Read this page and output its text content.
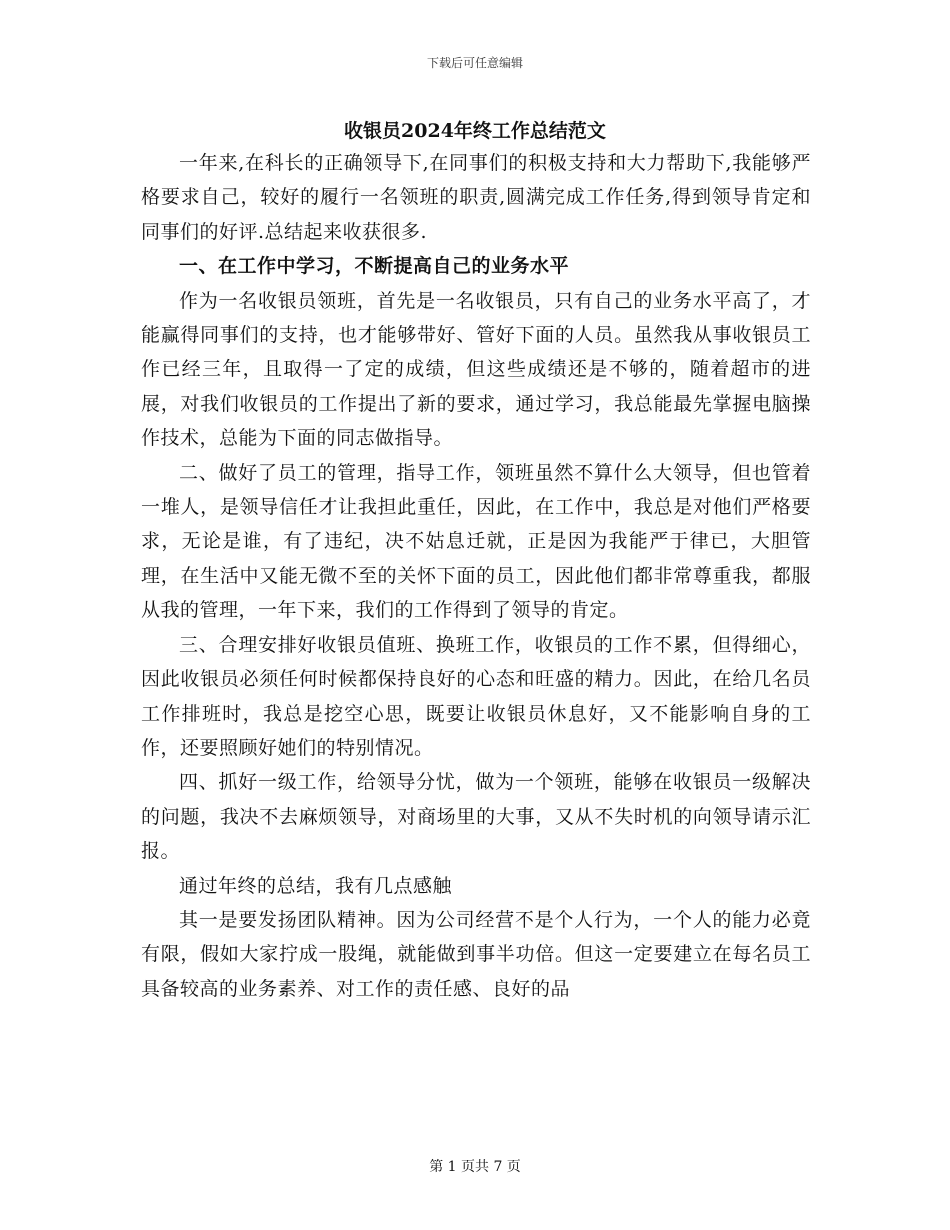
下载后可任意编辑
收银员2024年终工作总结范文

一年来,在科长的正确领导下,在同事们的积极支持和大力帮助下,我能够严格要求自己，较好的履行一名领班的职责,圆满完成工作任务,得到领导肯定和同事们的好评.总结起来收获很多.

一、在工作中学习，不断提高自己的业务水平

作为一名收银员领班，首先是一名收银员，只有自己的业务水平高了，才能赢得同事们的支持，也才能够带好、管好下面的人员。虽然我从事收银员工作已经三年，且取得一了定的成绩，但这些成绩还是不够的，随着超市的进展，对我们收银员的工作提出了新的要求，通过学习，我总能最先掌握电脑操作技术，总能为下面的同志做指导。

二、做好了员工的管理，指导工作，领班虽然不算什么大领导，但也管着一堆人，是领导信任才让我担此重任，因此，在工作中，我总是对他们严格要求，无论是谁，有了违纪，决不姑息迁就，正是因为我能严于律已，大胆管理，在生活中又能无微不至的关怀下面的员工，因此他们都非常尊重我，都服从我的管理，一年下来，我们的工作得到了领导的肯定。

三、合理安排好收银员值班、换班工作，收银员的工作不累，但得细心，因此收银员必须任何时候都保持良好的心态和旺盛的精力。因此，在给几名员工作排班时，我总是挖空心思，既要让收银员休息好，又不能影响自身的工作，还要照顾好她们的特别情况。

四、抓好一级工作，给领导分忧，做为一个领班，能够在收银员一级解决的问题，我决不去麻烦领导，对商场里的大事，又从不失时机的向领导请示汇报。

通过年终的总结，我有几点感触

其一是要发扬团队精神。因为公司经营不是个人行为，一个人的能力必竟有限，假如大家拧成一股绳，就能做到事半功倍。但这一定要建立在每名员工具备较高的业务素养、对工作的责任感、良好的品

第 1 页共 7 页
